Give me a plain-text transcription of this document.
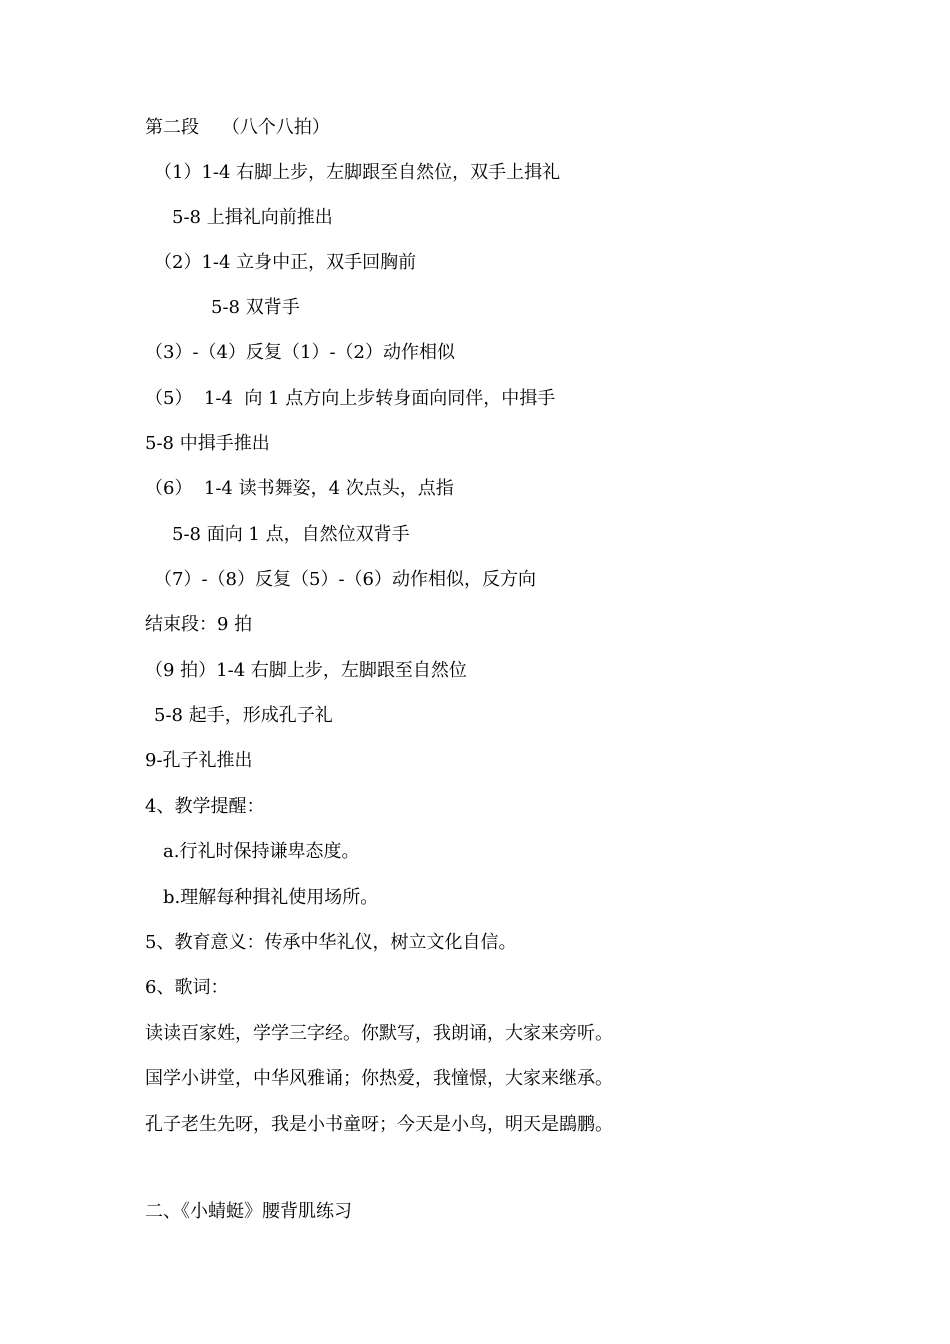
第二段    （八个八拍）
（1）1-4 右脚上步，左脚跟至自然位，双手上揖礼
5-8 上揖礼向前推出
（2）1-4 立身中正，双手回胸前
5-8 双背手
（3）-（4）反复（1）-（2）动作相似
（5）  1-4  向 1 点方向上步转身面向同伴，中揖手
5-8 中揖手推出
（6）  1-4 读书舞姿，4 次点头，点指
5-8 面向 1 点，自然位双背手
（7）-（8）反复（5）-（6）动作相似，反方向
结束段：9 拍
（9 拍）1-4 右脚上步，左脚跟至自然位
5-8 起手，形成孔子礼
9-孔子礼推出
4、教学提醒：
a.行礼时保持谦卑态度。
b.理解每种揖礼使用场所。
5、教育意义：传承中华礼仪，树立文化自信。
6、歌词：
读读百家姓，学学三字经。你默写，我朗诵，大家来旁听。
国学小讲堂，中华风雅诵；你热爱，我憧憬，大家来继承。
孔子老生先呀，我是小书童呀；今天是小鸟，明天是鵾鹏。
二、《小蜻蜓》腰背肌练习
